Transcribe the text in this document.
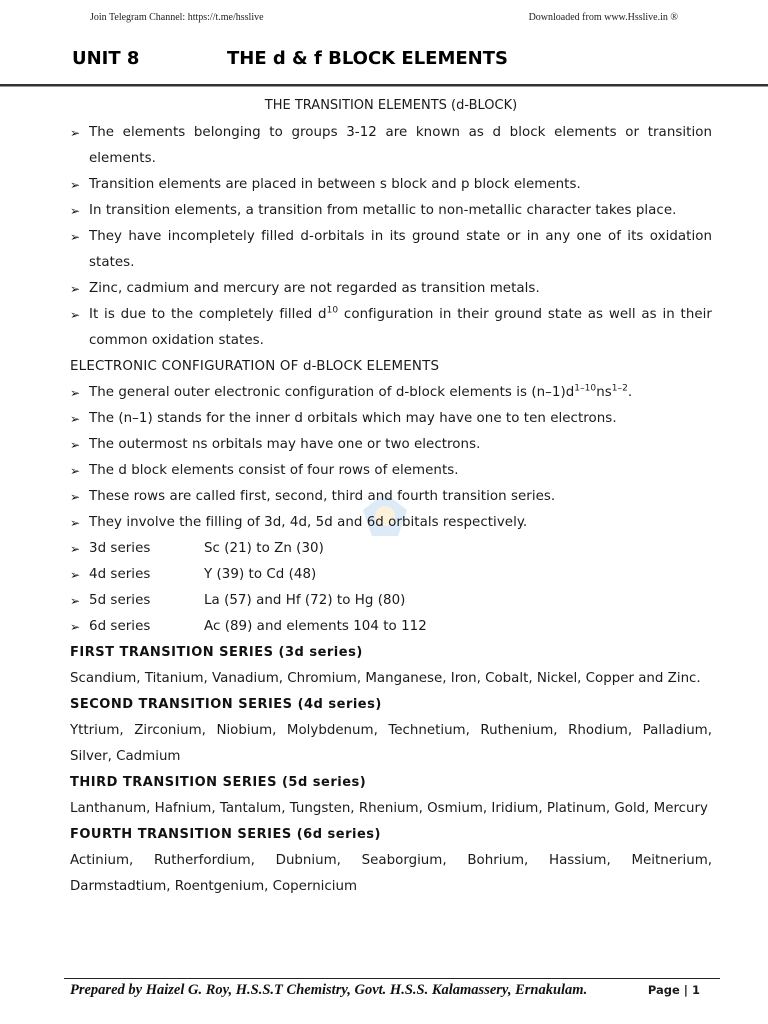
Join Telegram Channel: https://t.me/hsslive	Downloaded from www.Hsslive.in ®
UNIT 8	THE d & f BLOCK ELEMENTS
THE TRANSITION ELEMENTS (d-BLOCK)
➢ The elements belonging to groups 3-12 are known as d block elements or transition elements.
➢ Transition elements are placed in between s block and p block elements.
➢ In transition elements, a transition from metallic to non-metallic character takes place.
➢ They have incompletely filled d-orbitals in its ground state or in any one of its oxidation states.
➢ Zinc, cadmium and mercury are not regarded as transition metals.
➢ It is due to the completely filled $d^{10}$ configuration in their ground state as well as in their common oxidation states.
ELECTRONIC CONFIGURATION OF d-BLOCK ELEMENTS
➢ The general outer electronic configuration of d-block elements is $(n-1)d^{1-10}ns^{1-2}$.
➢ The (n–1) stands for the inner d orbitals which may have one to ten electrons.
➢ The outermost ns orbitals may have one or two electrons.
➢ The d block elements consist of four rows of elements.
➢ These rows are called first, second, third and fourth transition series.
➢ They involve the filling of 3d, 4d, 5d and 6d orbitals respectively.
➢ 3d series	Sc (21) to Zn (30)
➢ 4d series	Y (39) to Cd (48)
➢ 5d series	La (57) and Hf (72) to Hg (80)
➢ 6d series	Ac (89) and elements 104 to 112
FIRST TRANSITION SERIES (3d series)
Scandium, Titanium, Vanadium, Chromium, Manganese, Iron, Cobalt, Nickel, Copper and Zinc.
SECOND TRANSITION SERIES (4d series)
Yttrium, Zirconium, Niobium, Molybdenum, Technetium, Ruthenium, Rhodium, Palladium, Silver, Cadmium
THIRD TRANSITION SERIES (5d series)
Lanthanum, Hafnium, Tantalum, Tungsten, Rhenium, Osmium, Iridium, Platinum, Gold, Mercury
FOURTH TRANSITION SERIES (6d series)
Actinium, Rutherfordium, Dubnium, Seaborgium, Bohrium, Hassium, Meitnerium, Darmstadtium, Roentgenium, Copernicium
Prepared by Haizel G. Roy, H.S.S.T Chemistry, Govt. H.S.S. Kalamassery, Ernakulam.	Page | 1
